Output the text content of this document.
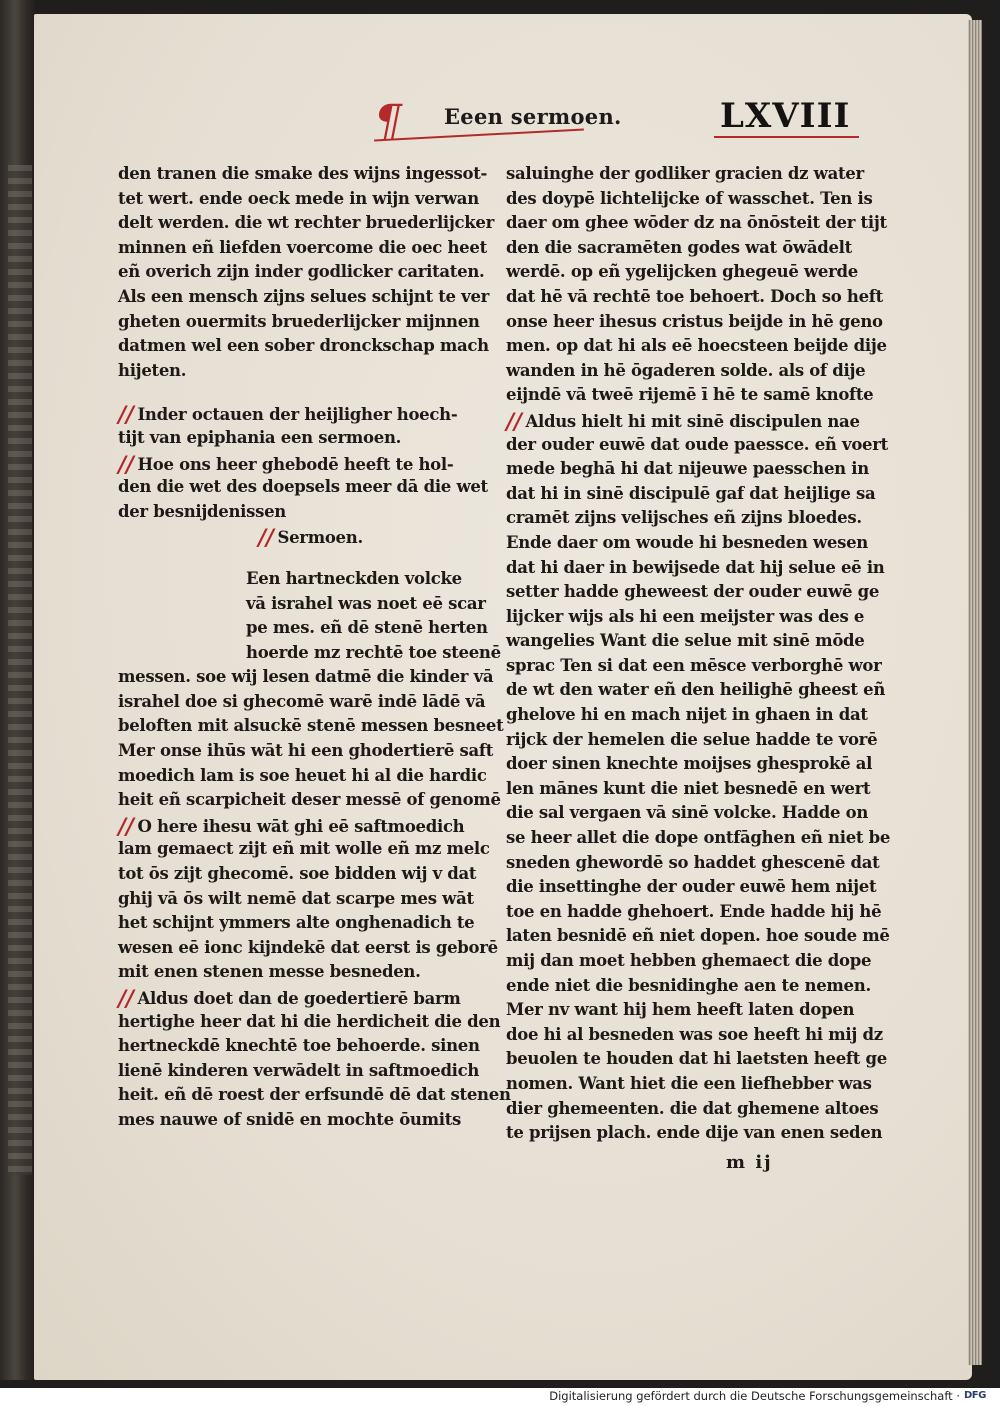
¶ Eeen sermoen.	LXVIII
den tranen die smake des wijns ingessot-
tet wert. ende oeck mede in wijn verwan
delt werden. die wt rechter bruederlijcker
minnen eñ liefden voercome die oec heet
eñ overich zijn inder godlicker caritaten.
Als een mensch zijns selues schijnt te ver
gheten ouermits bruederlijcker mijnnen
datmen wel een sober dronckschap mach
hijeten.
// Inder octauen der heijligher hoech-
tijt van epiphania een sermoen.
// Hoe ons heer ghebodē heeft te hol-
den die wet des doepsels meer dā die wet
der besnijdenissen
// Sermoen.
Een hartneckden volcke
vā israhel was noet eē scar
pe mes. eñ dē stenē herten
hoerde mz rechtē toe steenē
messen. soe wij lesen datmē die kinder vā
israhel doe si ghecomē warē indē lādē vā
beloften mit alsuckē stenē messen besneet
Mer onse ihūs wāt hi een ghodertierē saft
moedich lam is soe heuet hi al die hardic
heit eñ scarpicheit deser messē of genomē
// O here ihesu wāt ghi eē saftmoedich
lam gemaect zijt eñ mit wolle eñ mz melc
tot ōs zijt ghecomē. soe bidden wij v dat
ghij vā ōs wilt nemē dat scarpe mes wāt
het schijnt ymmers alte onghenadich te
wesen eē ionc kijndekē dat eerst is geborē
mit enen stenen messe besneden.
// Aldus doet dan de goedertierē barm
hertighe heer dat hi die herdicheit die den
hertneckdē knechtē toe behoerde. sinen
lienē kinderen verwādelt in saftmoedich
heit. eñ dē roest der erfsundē dē dat stenen
mes nauwe of snidē en mochte ōumits
saluinghe der godliker gracien dz water
des doypē lichtelijcke of wasschet. Ten is
daer om ghee wōder dz na ōnōsteit der tijt
den die sacramēten godes wat ōwādelt
werdē. op eñ ygelijcken ghegeuē werde
dat hē vā rechtē toe behoert. Doch so heft
onse heer ihesus cristus beijde in hē geno
men. op dat hi als eē hoecsteen beijde dije
wanden in hē ōgaderen solde. als of dije
eijndē vā tweē rijemē ī hē te samē knofte
// Aldus hielt hi mit sinē discipulen nae
der ouder euwē dat oude paessce. eñ voert
mede beghā hi dat nijeuwe paesschen in
dat hi in sinē discipulē gaf dat heijlige sa
cramēt zijns velijsches eñ zijns bloedes.
Ende daer om woude hi besneden wesen
dat hi daer in bewijsede dat hij selue eē in
setter hadde gheweest der ouder euwē ge
lijcker wijs als hi een meijster was des e
wangelies Want die selue mit sinē mōde
sprac Ten si dat een mēsce verborghē wor
de wt den water eñ den heilighē gheest eñ
ghelove hi en mach nijet in ghaen in dat
rijck der hemelen die selue hadde te vorē
doer sinen knechte moijses ghesprokē al
len mānes kunt die niet besnedē en wert
die sal vergaen vā sinē volcke. Hadde on
se heer allet die dope ontfāghen eñ niet be
sneden ghewordē so haddet ghescenē dat
die insettinghe der ouder euwē hem nijet
toe en hadde ghehoert. Ende hadde hij hē
laten besnidē eñ niet dopen. hoe soude mē
mij dan moet hebben ghemaect die dope
ende niet die besnidinghe aen te nemen.
Mer nv want hij hem heeft laten dopen
doe hi al besneden was soe heeft hi mij dz
beuolen te houden dat hi laetsten heeft ge
nomen. Want hiet die een liefhebber was
dier ghemeenten. die dat ghemene altoes
te prijsen plach. ende dije van enen seden
m ij
Digitalisierung gefördert durch die Deutsche Forschungsgemeinschaft · DFG
